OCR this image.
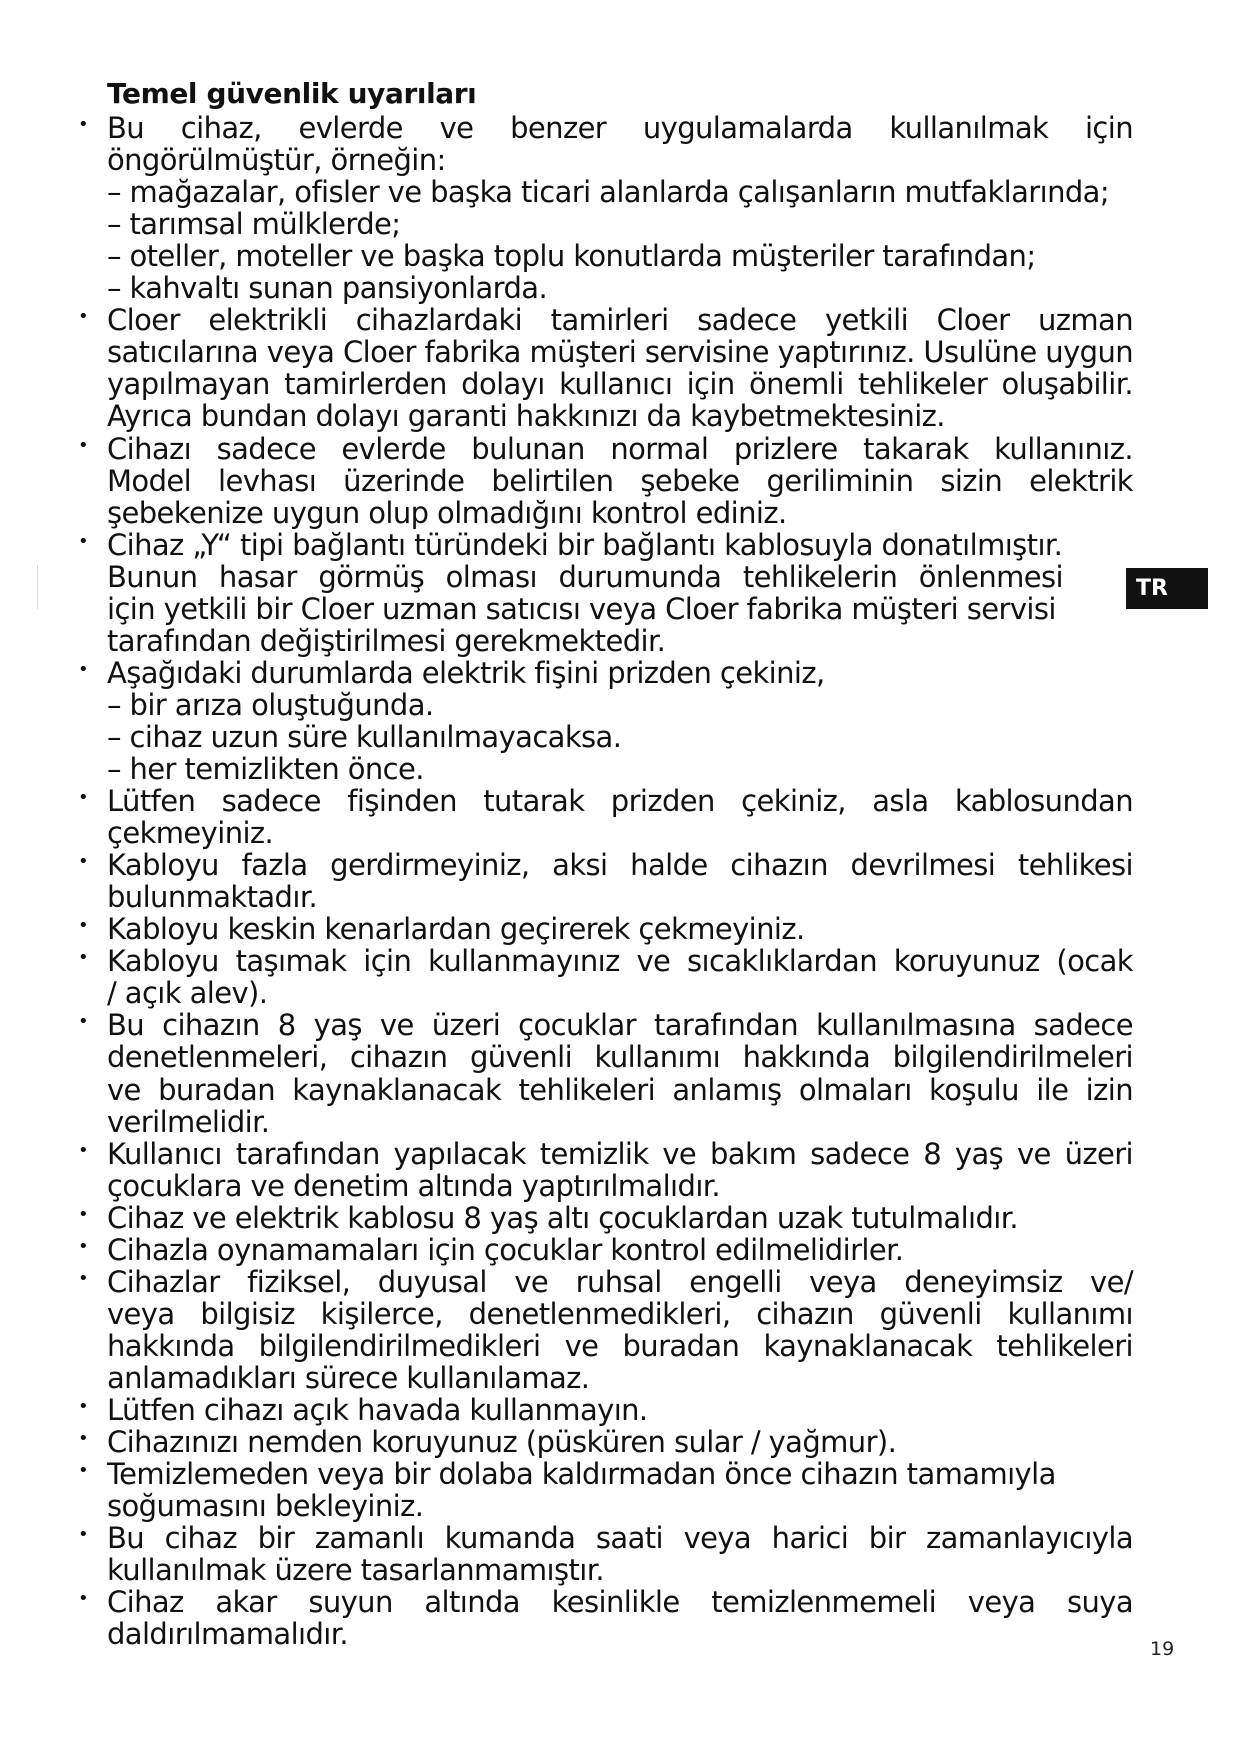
Temel güvenlik uyarıları
• Bu cihaz, evlerde ve benzer uygulamalarda kullanılmak için
öngörülmüştür, örneğin:
– mağazalar, ofisler ve başka ticari alanlarda çalışanların mutfaklarında;
– tarımsal mülklerde;
– oteller, moteller ve başka toplu konutlarda müşteriler tarafından;
– kahvaltı sunan pansiyonlarda.
• Cloer elektrikli cihazlardaki tamirleri sadece yetkili Cloer uzman
satıcılarına veya Cloer fabrika müşteri servisine yaptırınız. Usulüne uygun
yapılmayan tamirlerden dolayı kullanıcı için önemli tehlikeler oluşabilir.
Ayrıca bundan dolayı garanti hakkınızı da kaybetmektesiniz.
• Cihazı sadece evlerde bulunan normal prizlere takarak kullanınız.
Model levhası üzerinde belirtilen şebeke geriliminin sizin elektrik
şebekenize uygun olup olmadığını kontrol ediniz.
• Cihaz „Y“ tipi bağlantı türündeki bir bağlantı kablosuyla donatılmıştır.
Bunun hasar görmüş olması durumunda tehlikelerin önlenmesi
için yetkili bir Cloer uzman satıcısı veya Cloer fabrika müşteri servisi
tarafından değiştirilmesi gerekmektedir.
• Aşağıdaki durumlarda elektrik fişini prizden çekiniz,
– bir arıza oluştuğunda.
– cihaz uzun süre kullanılmayacaksa.
– her temizlikten önce.
• Lütfen sadece fişinden tutarak prizden çekiniz, asla kablosundan
çekmeyiniz.
• Kabloyu fazla gerdirmeyiniz, aksi halde cihazın devrilmesi tehlikesi
bulunmaktadır.
• Kabloyu keskin kenarlardan geçirerek çekmeyiniz.
• Kabloyu taşımak için kullanmayınız ve sıcaklıklardan koruyunuz (ocak
/ açık alev).
• Bu cihazın 8 yaş ve üzeri çocuklar tarafından kullanılmasına sadece
denetlenmeleri, cihazın güvenli kullanımı hakkında bilgilendirilmeleri
ve buradan kaynaklanacak tehlikeleri anlamış olmaları koşulu ile izin
verilmelidir.
• Kullanıcı tarafından yapılacak temizlik ve bakım sadece 8 yaş ve üzeri
çocuklara ve denetim altında yaptırılmalıdır.
• Cihaz ve elektrik kablosu 8 yaş altı çocuklardan uzak tutulmalıdır.
• Cihazla oynamamaları için çocuklar kontrol edilmelidirler.
• Cihazlar fiziksel, duyusal ve ruhsal engelli veya deneyimsiz ve/
veya bilgisiz kişilerce, denetlenmedikleri, cihazın güvenli kullanımı
hakkında bilgilendirilmedikleri ve buradan kaynaklanacak tehlikeleri
anlamadıkları sürece kullanılamaz.
• Lütfen cihazı açık havada kullanmayın.
• Cihazınızı nemden koruyunuz (püsküren sular / yağmur).
• Temizlemeden veya bir dolaba kaldırmadan önce cihazın tamamıyla
soğumasını bekleyiniz.
• Bu cihaz bir zamanlı kumanda saati veya harici bir zamanlayıcıyla
kullanılmak üzere tasarlanmamıştır.
• Cihaz akar suyun altında kesinlikle temizlenmemeli veya suya
daldırılmamalıdır.
TR
19
